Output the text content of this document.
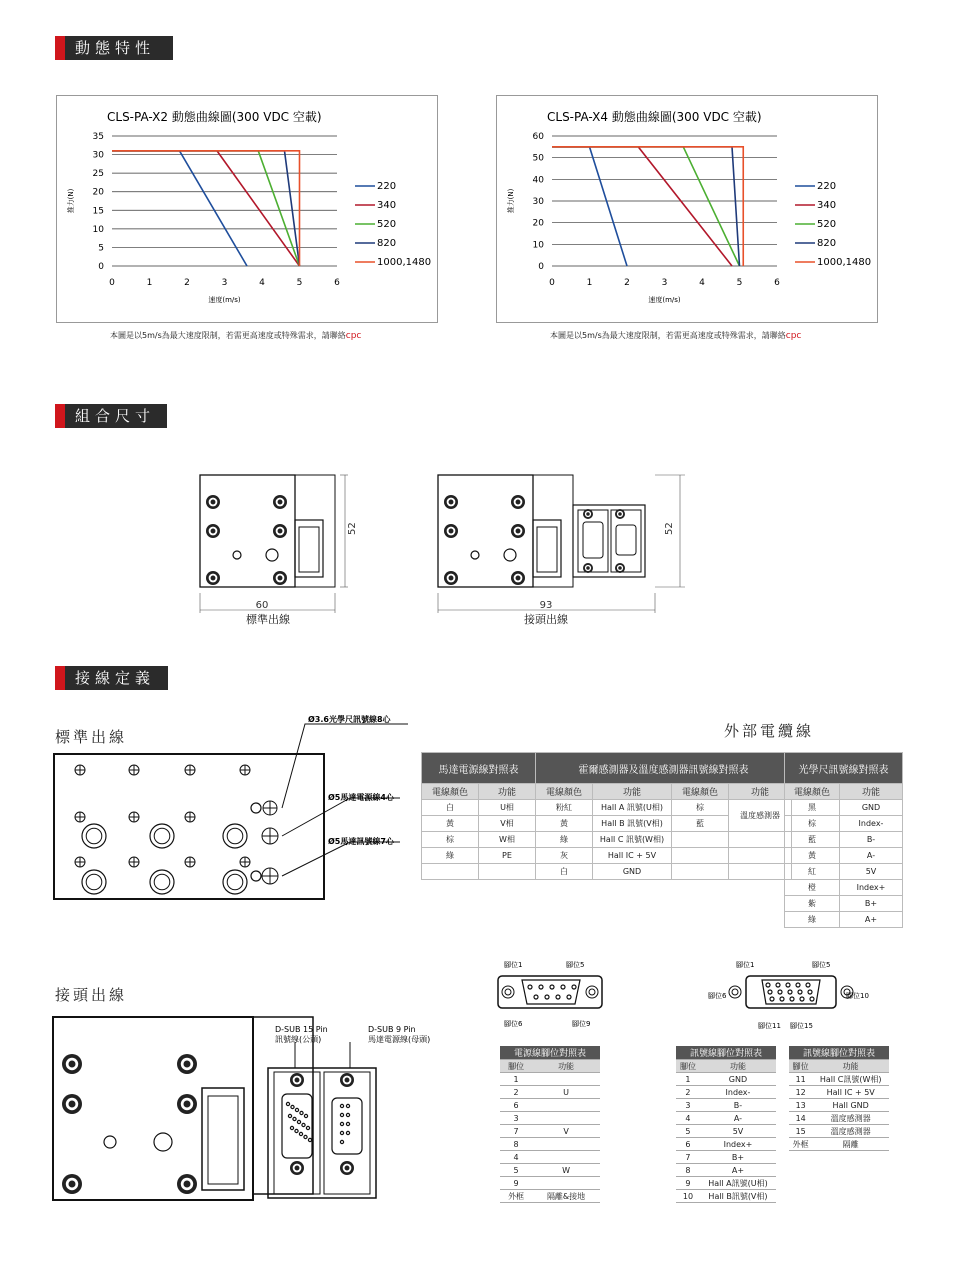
動態特性
組合尺寸
接線定義
CLS-PA-X2 動態曲線圖(300 VDC 空載)
0
5
10
15
20
25
30
35
0	1	2	3	4	5	6
速度(m/s)
推力(N)
220
340
520
820
1000,1480
CLS-PA-X4 動態曲線圖(300 VDC 空載)
0
10
20
30
40
50
60
0	1	2	3	4	5	6
速度(m/s)
推力(N)
220
340
520
820
1000,1480
本圖是以5m/s為最大速度限制，若需更高速度或特殊需求，請聯絡cpc	本圖是以5m/s為最大速度限制，若需更高速度或特殊需求，請聯絡cpc
52
60
標準出線
52
93
接頭出線
標準出線	外部電纜線
接頭出線
Ø3.6光學尺訊號線8心
Ø5馬達電源線4心
Ø5馬達訊號線7心
馬達電源線對照表		霍爾感測器及溫度感測器訊號線對照表			
電線顏色	功能	電線顏色	功能	電線顏色	功能
白	U相	粉紅	Hall A 訊號(U相)	棕	溫度感測器
黃	V相	黃	Hall B 訊號(V相)	藍	
棕	W相	綠	Hall C 訊號(W相)		
綠	PE	灰	Hall IC + 5V		
		白	GND		
光學尺訊號線對照表	
電線顏色	功能
黑	GND
棕	Index-
藍	B-
黃	A-
紅	5V
橙	Index+
紫	B+
綠	A+
D-SUB 15 Pin
訊號線(公頭)
D-SUB 9 Pin
馬達電源線(母頭)
腳位1	腳位5
腳位6	腳位9
腳位1	腳位5
腳位6	腳位10
腳位11 腳位15
電源線腳位對照表	
腳位	功能
1	
2	U
6	
3	
7	V
8	
4	
5	W
9	
外框	隔離&接地
訊號線腳位對照表	
腳位	功能
1	GND
2	Index-
3	B-
4	A-
5	5V
6	Index+
7	B+
8	A+
9	Hall A訊號(U相)
10	Hall B訊號(V相)
訊號線腳位對照表	
腳位	功能
11	Hall C訊號(W相)
12	Hall IC + 5V
13	Hall GND
14	溫度感測器
15	溫度感測器
外框	隔離
